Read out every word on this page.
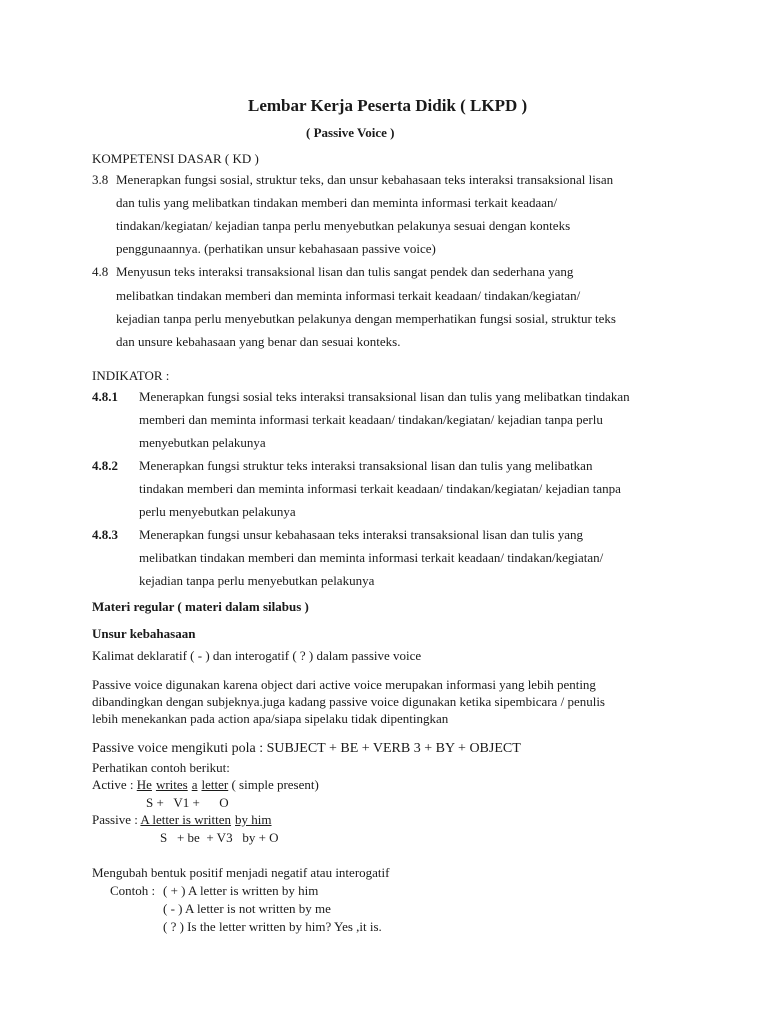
Lembar Kerja Peserta Didik ( LKPD )
( Passive Voice )
KOMPETENSI DASAR ( KD )
3.8 Menerapkan fungsi sosial, struktur teks, dan unsur kebahasaan teks interaksi transaksional lisan
dan tulis yang melibatkan tindakan memberi dan meminta informasi terkait keadaan/
tindakan/kegiatan/ kejadian tanpa perlu menyebutkan pelakunya sesuai dengan konteks
penggunaannya. (perhatikan unsur kebahasaan passive voice)
4.8 Menyusun teks interaksi transaksional lisan dan tulis sangat pendek dan sederhana yang
melibatkan tindakan memberi dan meminta informasi terkait keadaan/ tindakan/kegiatan/
kejadian tanpa perlu menyebutkan pelakunya dengan memperhatikan fungsi sosial, struktur teks
dan unsure kebahasaan yang benar dan sesuai konteks.
INDIKATOR :
4.8.1 Menerapkan fungsi sosial teks interaksi transaksional lisan dan tulis yang melibatkan tindakan
memberi dan meminta informasi terkait keadaan/ tindakan/kegiatan/ kejadian tanpa perlu
menyebutkan pelakunya
4.8.2 Menerapkan fungsi struktur teks interaksi transaksional lisan dan tulis yang melibatkan
tindakan memberi dan meminta informasi terkait keadaan/ tindakan/kegiatan/ kejadian tanpa
perlu menyebutkan pelakunya
4.8.3 Menerapkan fungsi unsur kebahasaan teks interaksi transaksional lisan dan tulis yang
melibatkan tindakan memberi dan meminta informasi terkait keadaan/ tindakan/kegiatan/
kejadian tanpa perlu menyebutkan pelakunya
Materi regular ( materi dalam silabus )
Unsur kebahasaan
Kalimat deklaratif ( - ) dan interogatif ( ? ) dalam passive voice
Passive voice digunakan karena object dari active voice merupakan informasi yang lebih penting
dibandingkan dengan subjeknya.juga kadang passive voice digunakan ketika sipembicara / penulis
lebih menekankan pada action apa/siapa sipelaku tidak dipentingkan
Passive voice mengikuti pola : SUBJECT + BE + VERB 3 + BY + OBJECT
Perhatikan contoh berikut:
Active : He writes a letter ( simple present)
S +   V1 +      O
Passive : A letter is written by him
S   + be  + V3   by + O
Mengubah bentuk positif menjadi negatif atau interogatif
Contoh : ( + ) A letter is written by him
( - ) A letter is not written by me
( ? ) Is the letter written by him? Yes ,it is.
